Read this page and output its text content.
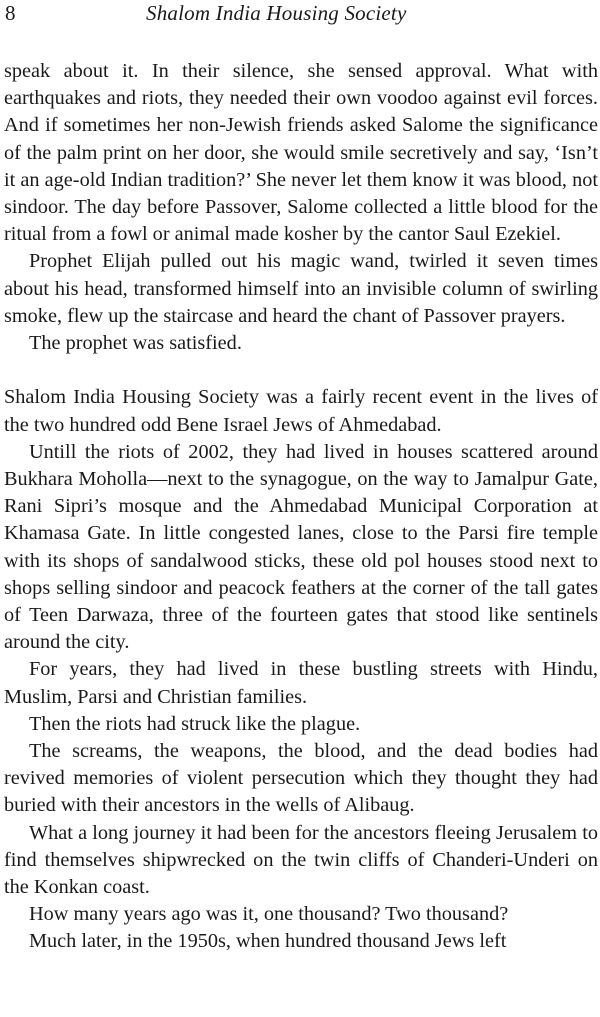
8	Shalom India Housing Society

speak about it. In their silence, she sensed approval. What with earthquakes and riots, they needed their own voodoo against evil forces. And if sometimes her non-Jewish friends asked Salome the significance of the palm print on her door, she would smile secretively and say, ‘Isn’t it an age-old Indian tradition?’ She never let them know it was blood, not sindoor. The day before Passover, Salome collected a little blood for the ritual from a fowl or animal made kosher by the cantor Saul Ezekiel.

Prophet Elijah pulled out his magic wand, twirled it seven times about his head, transformed himself into an invisible column of swirling smoke, flew up the staircase and heard the chant of Passover prayers.

The prophet was satisfied.

Shalom India Housing Society was a fairly recent event in the lives of the two hundred odd Bene Israel Jews of Ahmedabad.

Untill the riots of 2002, they had lived in houses scattered around Bukhara Moholla—next to the synagogue, on the way to Jamalpur Gate, Rani Sipri’s mosque and the Ahmedabad Municipal Corporation at Khamasa Gate. In little congested lanes, close to the Parsi fire temple with its shops of sandalwood sticks, these old pol houses stood next to shops selling sindoor and peacock feathers at the corner of the tall gates of Teen Darwaza, three of the fourteen gates that stood like sentinels around the city.

For years, they had lived in these bustling streets with Hindu, Muslim, Parsi and Christian families.

Then the riots had struck like the plague.

The screams, the weapons, the blood, and the dead bodies had revived memories of violent persecution which they thought they had buried with their ancestors in the wells of Alibaug.

What a long journey it had been for the ancestors fleeing Jerusalem to find themselves shipwrecked on the twin cliffs of Chanderi-Underi on the Konkan coast.

How many years ago was it, one thousand? Two thousand?

Much later, in the 1950s, when hundred thousand Jews left
